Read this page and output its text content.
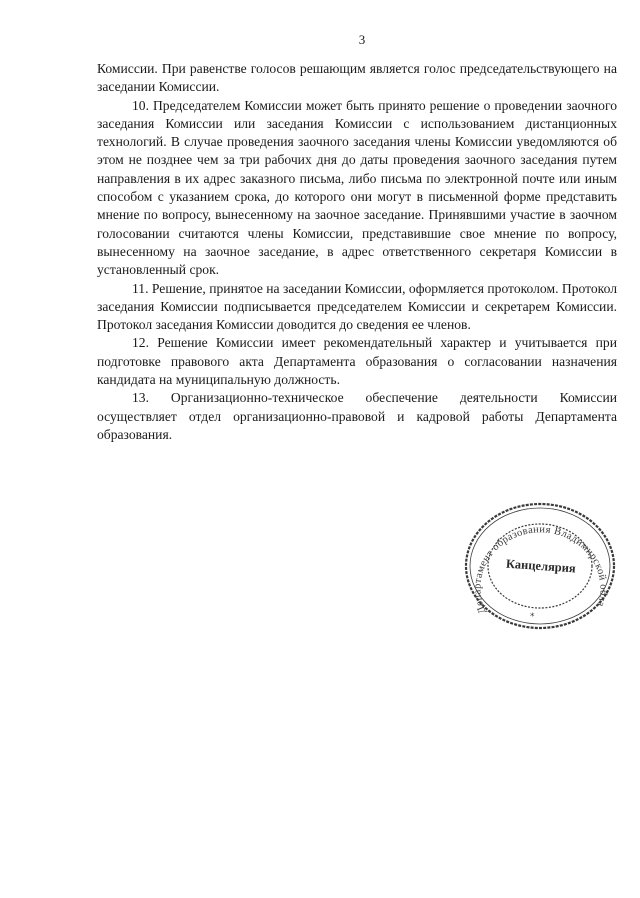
3

Комиссии. При равенстве голосов решающим является голос председательствующего на заседании Комиссии.

10. Председателем Комиссии может быть принято решение о проведении заочного заседания Комиссии или заседания Комиссии с использованием дистанционных технологий. В случае проведения заочного заседания члены Комиссии уведомляются об этом не позднее чем за три рабочих дня до даты проведения заочного заседания путем направления в их адрес заказного письма, либо письма по электронной почте или иным способом с указанием срока, до которого они могут в письменной форме представить мнение по вопросу, вынесенному на заочное заседание. Принявшими участие в заочном голосовании считаются члены Комиссии, представившие свое мнение по вопросу, вынесенному на заочное заседание, в адрес ответственного секретаря Комиссии в установленный срок.

11. Решение, принятое на заседании Комиссии, оформляется протоколом. Протокол заседания Комиссии подписывается председателем Комиссии и секретарем Комиссии. Протокол заседания Комиссии доводится до сведения ее членов.

12. Решение Комиссии имеет рекомендательный характер и учитывается при подготовке правового акта Департамента образования о согласовании назначения кандидата на муниципальную должность.

13. Организационно-техническое обеспечение деятельности Комиссии осуществляет отдел организационно-правовой и кадровой работы Департамента образования.

Департамент образования Владимирской обла
Канцелярия
*
